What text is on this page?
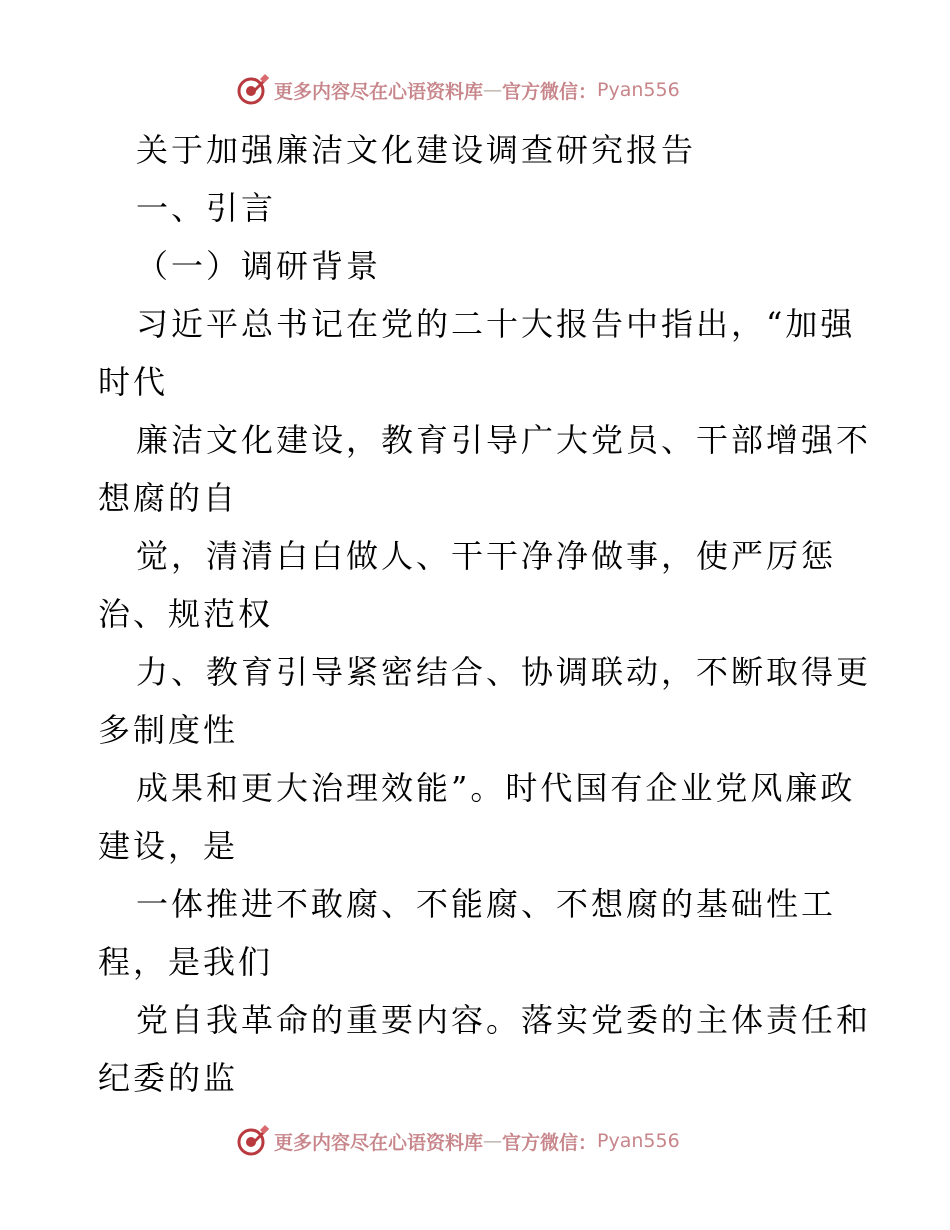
更多内容尽在心语资料库 — 官方微信： Pyan556
关于加强廉洁文化建设调查研究报告
一、引言
（一）调研背景
习近平总书记在党的二十大报告中指出，“加强
时代
廉洁文化建设，教育引导广大党员、干部增强不
想腐的自
觉，清清白白做人、干干净净做事，使严厉惩
治、规范权
力、教育引导紧密结合、协调联动，不断取得更
多制度性
成果和更大治理效能”。时代国有企业党风廉政
建设，是
一体推进不敢腐、不能腐、不想腐的基础性工
程，是我们
党自我革命的重要内容。落实党委的主体责任和
纪委的监
更多内容尽在心语资料库 — 官方微信： Pyan556
